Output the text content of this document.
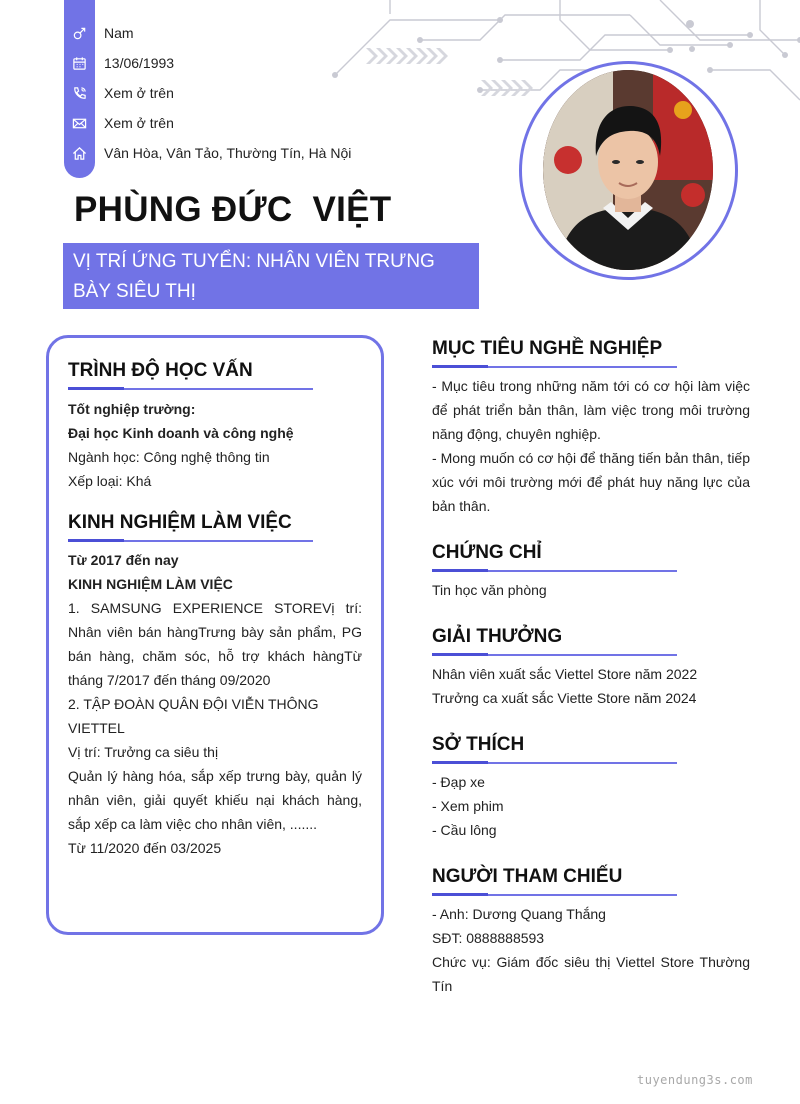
Nam
13/06/1993
Xem ở trên
Xem ở trên
Vân Hòa, Vân Tảo, Thường Tín, Hà Nội
PHÙNG ĐỨC  VIỆT
VỊ TRÍ ỨNG TUYỂN: NHÂN VIÊN TRƯNG
BÀY SIÊU THỊ
TRÌNH ĐỘ HỌC VẤN

Tốt nghiệp trường:

Đại học Kinh doanh và công nghệ

Ngành học: Công nghệ thông tin

Xếp loại: Khá

KINH NGHIỆM LÀM VIỆC

Từ 2017 đến nay

KINH NGHIỆM LÀM VIỆC

1. SAMSUNG EXPERIENCE STOREVị trí: Nhân viên bán hàngTrưng bày sản phẩm, PG bán hàng, chăm sóc, hỗ trợ khách hàngTừ tháng 7/2017 đến tháng 09/2020

2. TẬP ĐOÀN QUÂN ĐỘI VIỄN THÔNG VIETTEL

Vị trí: Trưởng ca siêu thị

Quản lý hàng hóa, sắp xếp trưng bày, quản lý nhân viên, giải quyết khiếu nại khách hàng, sắp xếp ca làm việc cho nhân viên, .......

Từ 11/2020 đến 03/2025

MỤC TIÊU NGHỀ NGHIỆP

- Mục tiêu trong những năm tới có cơ hội làm việc để phát triển bản thân, làm việc trong môi trường năng động, chuyên nghiệp.

- Mong muốn có cơ hội để thăng tiến bản thân, tiếp xúc với môi trường mới để phát huy năng lực của bản thân.

CHỨNG CHỈ

Tin học văn phòng

GIẢI THƯỞNG

Nhân viên xuất sắc Viettel Store năm 2022

Trưởng ca xuất sắc Viette Store năm 2024

SỞ THÍCH

- Đạp xe

- Xem phim

- Cầu lông

NGƯỜI THAM CHIẾU

- Anh: Dương Quang Thắng

SĐT: 0888888593

Chức vụ: Giám đốc siêu thị Viettel Store Thường Tín

tuyendung3s.com
